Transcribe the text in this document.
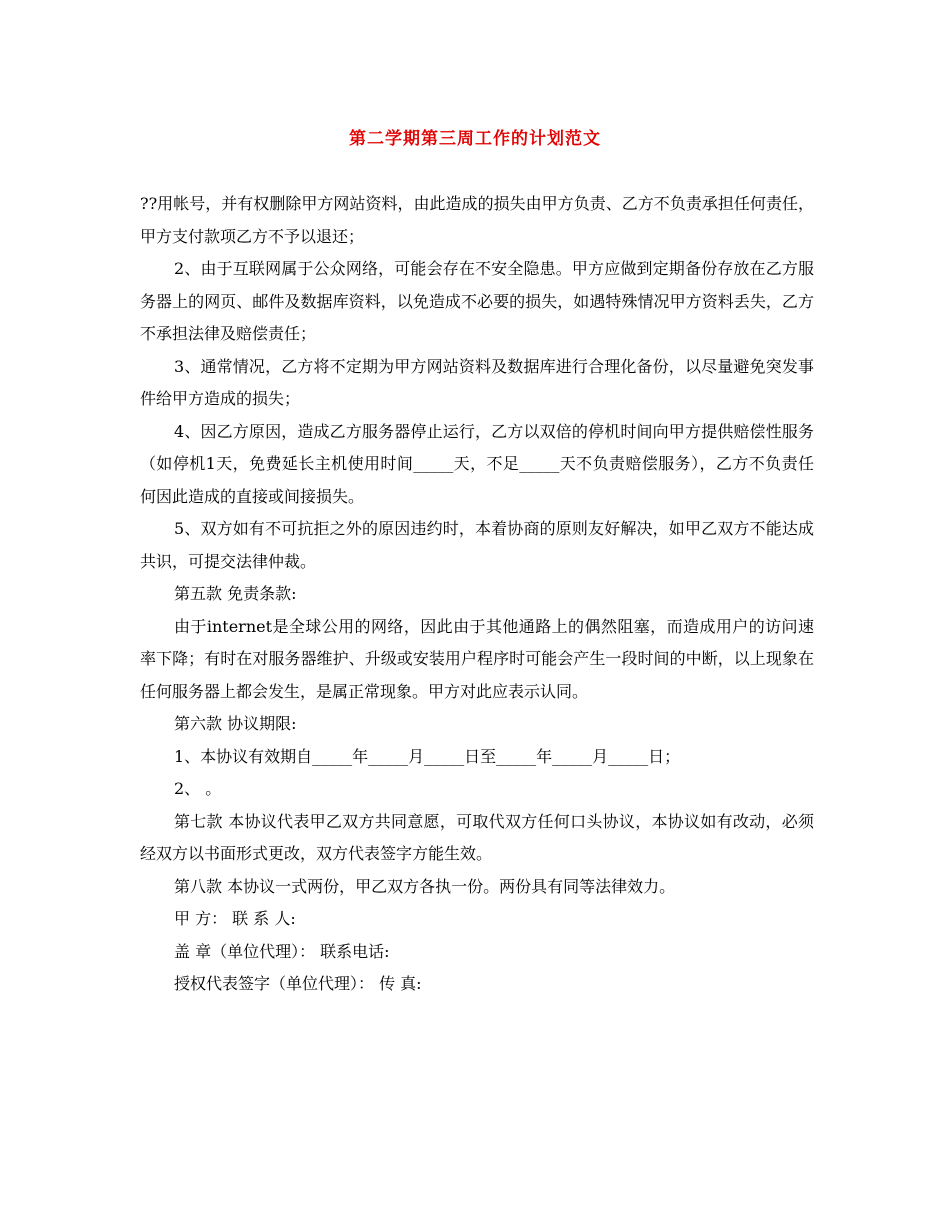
第二学期第三周工作的计划范文

??用帐号，并有权删除甲方网站资料，由此造成的损失由甲方负责、乙方不负责承担任何责任，甲方支付款项乙方不予以退还；

2、由于互联网属于公众网络，可能会存在不安全隐患。甲方应做到定期备份存放在乙方服务器上的网页、邮件及数据库资料，以免造成不必要的损失，如遇特殊情况甲方资料丢失，乙方不承担法律及赔偿责任；

3、通常情况，乙方将不定期为甲方网站资料及数据库进行合理化备份，以尽量避免突发事件给甲方造成的损失；

4、因乙方原因，造成乙方服务器停止运行，乙方以双倍的停机时间向甲方提供赔偿性服务（如停机1天，免费延长主机使用时间_____天，不足_____天不负责赔偿服务），乙方不负责任何因此造成的直接或间接损失。

5、双方如有不可抗拒之外的原因违约时，本着协商的原则友好解决，如甲乙双方不能达成共识，可提交法律仲裁。

第五款 免责条款:

由于internet是全球公用的网络，因此由于其他通路上的偶然阻塞，而造成用户的访问速率下降；有时在对服务器维护、升级或安装用户程序时可能会产生一段时间的中断，以上现象在任何服务器上都会发生，是属正常现象。甲方对此应表示认同。

第六款 协议期限:

1、本协议有效期自_____年_____月_____日至_____年_____月_____日；

2、 。

第七款 本协议代表甲乙双方共同意愿，可取代双方任何口头协议，本协议如有改动，必须经双方以书面形式更改，双方代表签字方能生效。

第八款 本协议一式两份，甲乙双方各执一份。两份具有同等法律效力。

甲 方： 联 系 人:

盖 章（单位代理）： 联系电话:

授权代表签字（单位代理）： 传 真:
